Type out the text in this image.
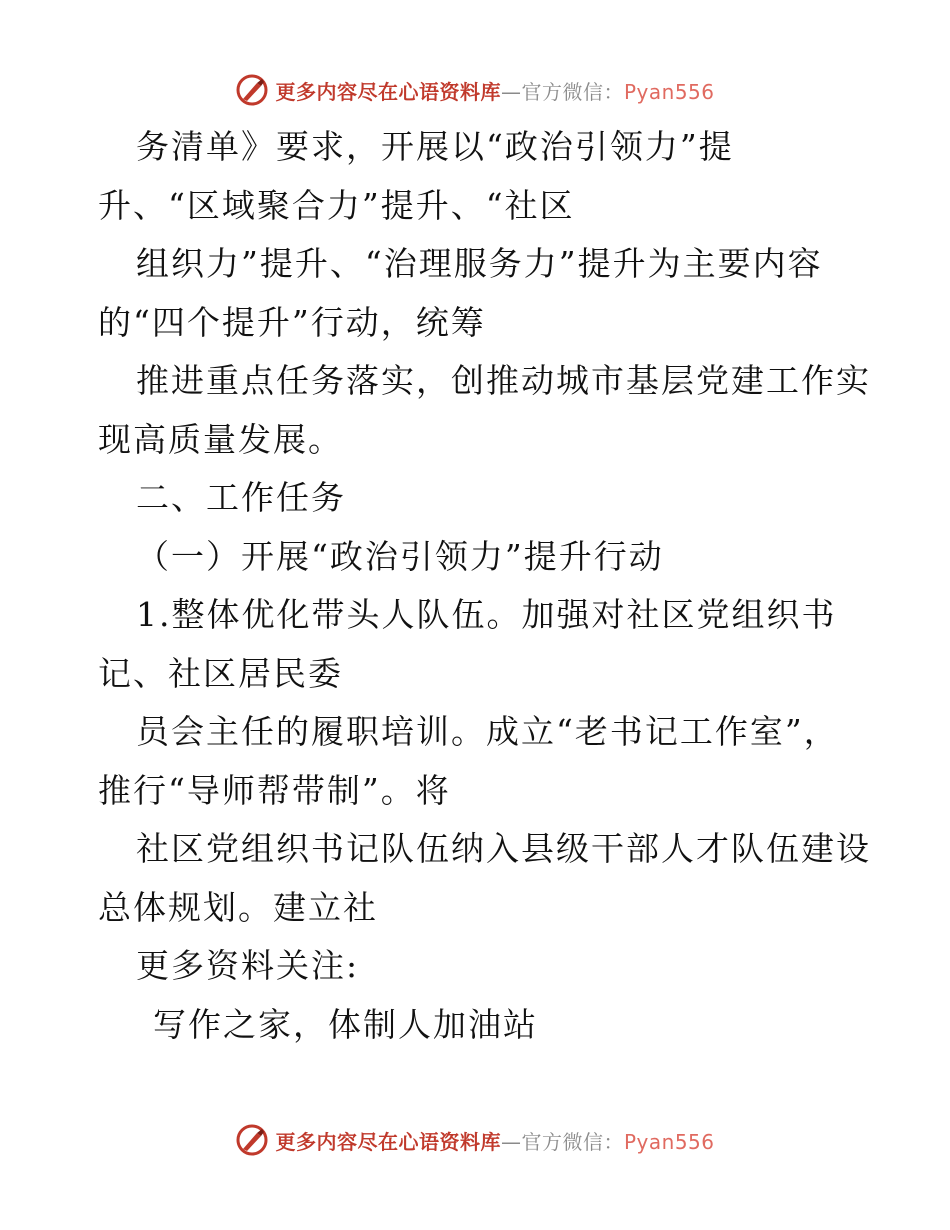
更多内容尽在心语资料库—官方微信：Pyan556
务清单》要求，开展以“政治引领力”提
升、“区域聚合力”提升、“社区
组织力”提升、“治理服务力”提升为主要内容
的“四个提升”行动，统筹
推进重点任务落实，创推动城市基层党建工作实
现高质量发展。
二、工作任务
（一）开展“政治引领力”提升行动
1.整体优化带头人队伍。加强对社区党组织书
记、社区居民委
员会主任的履职培训。成立“老书记工作室”，
推行“导师帮带制”。将
社区党组织书记队伍纳入县级干部人才队伍建设
总体规划。建立社
更多资料关注:
写作之家，体制人加油站
更多内容尽在心语资料库—官方微信：Pyan556
